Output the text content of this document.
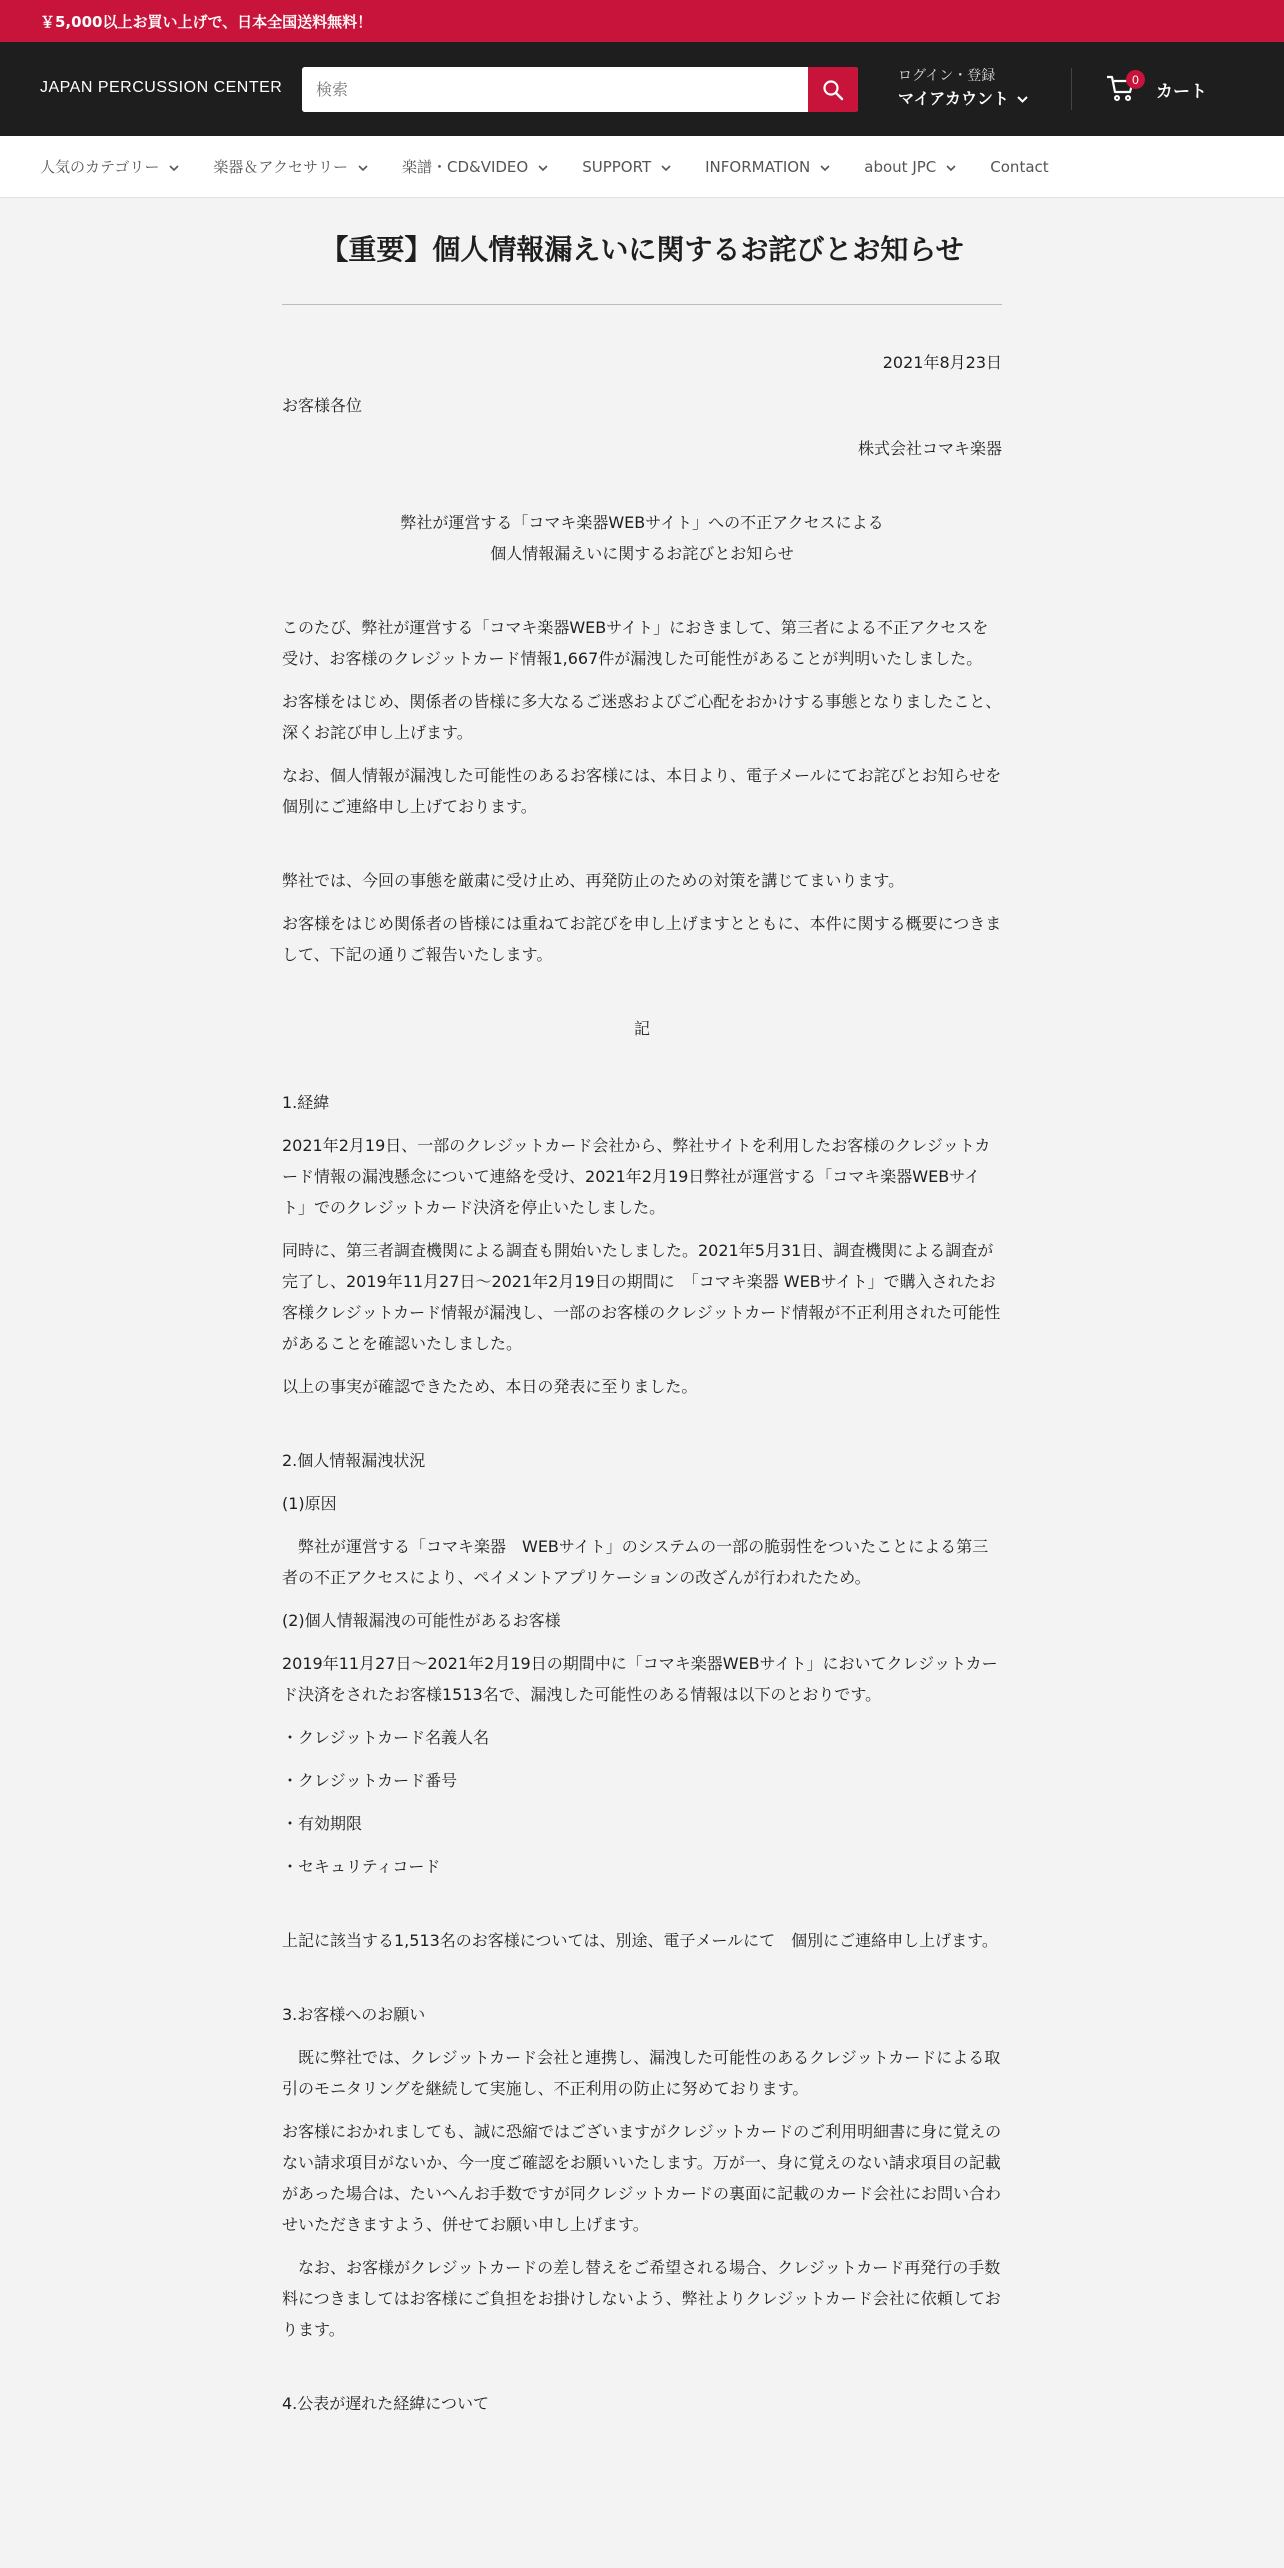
￥5,000以上お買い上げで、日本全国送料無料！
JAPAN PERCUSSION CENTER
検索
ログイン・登録
マイアカウント
0
カート
人気のカテゴリー	楽器＆アクセサリー	楽譜・CD&VIDEO	SUPPORT	INFORMATION	about JPC	Contact
【重要】個人情報漏えいに関するお詫びとお知らせ

2021年8月23日

お客様各位

株式会社コマキ楽器

弊社が運営する「コマキ楽器WEBサイト」への不正アクセスによる

個人情報漏えいに関するお詫びとお知らせ

このたび、弊社が運営する「コマキ楽器WEBサイト」におきまして、第三者による不正アクセスを受け、お客様のクレジットカード情報1,667件が漏洩した可能性があることが判明いたしました。

お客様をはじめ、関係者の皆様に多大なるご迷惑およびご心配をおかけする事態となりましたこと、深くお詫び申し上げます。

なお、個人情報が漏洩した可能性のあるお客様には、本日より、電子メールにてお詫びとお知らせを個別にご連絡申し上げております。

弊社では、今回の事態を厳粛に受け止め、再発防止のための対策を講じてまいります。

お客様をはじめ関係者の皆様には重ねてお詫びを申し上げますとともに、本件に関する概要につきまして、下記の通りご報告いたします。

記

1.経緯

2021年2月19日、一部のクレジットカード会社から、弊社サイトを利用したお客様のクレジットカード情報の漏洩懸念について連絡を受け、2021年2月19日弊社が運営する「コマキ楽器WEBサイト」でのクレジットカード決済を停止いたしました。

同時に、第三者調査機関による調査も開始いたしました。2021年5月31日、調査機関による調査が完了し、2019年11月27日～2021年2月19日の期間に　「コマキ楽器 WEBサイト」で購入されたお客様クレジットカード情報が漏洩し、一部のお客様のクレジットカード情報が不正利用された可能性があることを確認いたしました。

以上の事実が確認できたため、本日の発表に至りました。

2.個人情報漏洩状況

(1)原因

　弊社が運営する「コマキ楽器　WEBサイト」のシステムの一部の脆弱性をついたことによる第三者の不正アクセスにより、ペイメントアプリケーションの改ざんが行われたため。

(2)個人情報漏洩の可能性があるお客様

2019年11月27日～2021年2月19日の期間中に「コマキ楽器WEBサイト」においてクレジットカード決済をされたお客様1513名で、漏洩した可能性のある情報は以下のとおりです。

・クレジットカード名義人名

・クレジットカード番号

・有効期限

・セキュリティコード

上記に該当する1,513名のお客様については、別途、電子メールにて　個別にご連絡申し上げます。

3.お客様へのお願い

　既に弊社では、クレジットカード会社と連携し、漏洩した可能性のあるクレジットカードによる取引のモニタリングを継続して実施し、不正利用の防止に努めております。

お客様におかれましても、誠に恐縮ではございますがクレジットカードのご利用明細書に身に覚えのない請求項目がないか、今一度ご確認をお願いいたします。万が一、身に覚えのない請求項目の記載があった場合は、たいへんお手数ですが同クレジットカードの裏面に記載のカード会社にお問い合わせいただきますよう、併せてお願い申し上げます。

　なお、お客様がクレジットカードの差し替えをご希望される場合、クレジットカード再発行の手数料につきましてはお客様にご負担をお掛けしないよう、弊社よりクレジットカード会社に依頼しております。

4.公表が遅れた経緯について
